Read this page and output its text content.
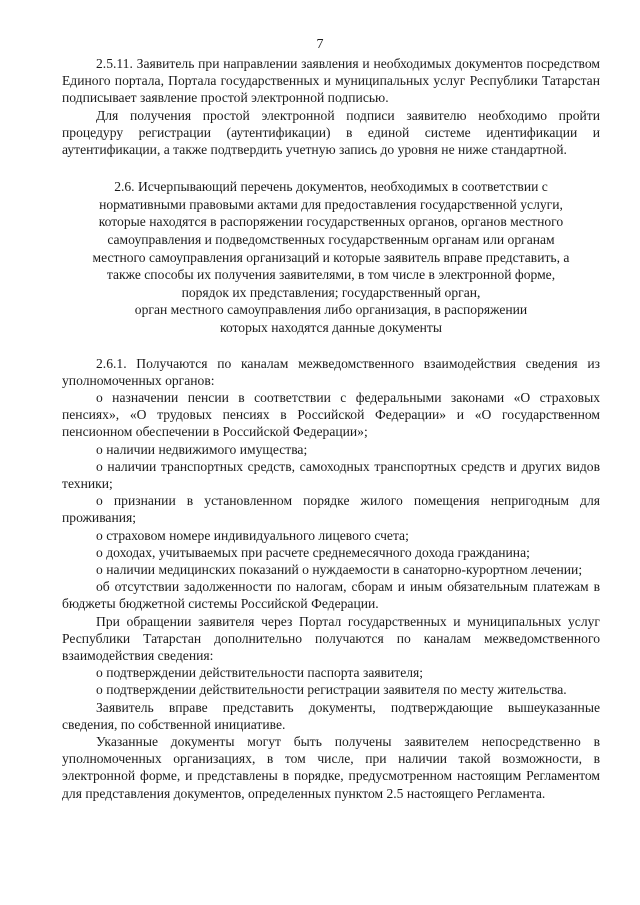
7

2.5.11. Заявитель при направлении заявления и необходимых документов посредством Единого портала, Портала государственных и муниципальных услуг Республики Татарстан подписывает заявление простой электронной подписью.

Для получения простой электронной подписи заявителю необходимо пройти процедуру регистрации (аутентификации) в единой системе идентификации и аутентификации, а также подтвердить учетную запись до уровня не ниже стандартной.

2.6. Исчерпывающий перечень документов, необходимых в соответствии с
нормативными правовыми актами для предоставления государственной услуги,
которые находятся в распоряжении государственных органов, органов местного
самоуправления и подведомственных государственным органам или органам
местного самоуправления организаций и которые заявитель вправе представить, а
также способы их получения заявителями, в том числе в электронной форме,
порядок их представления; государственный орган,
орган местного самоуправления либо организация, в распоряжении
которых находятся данные документы

2.6.1. Получаются по каналам межведомственного взаимодействия сведения из уполномоченных органов:

о назначении пенсии в соответствии с федеральными законами «О страховых пенсиях», «О трудовых пенсиях в Российской Федерации» и «О государственном пенсионном обеспечении в Российской Федерации»;

о наличии недвижимого имущества;

о наличии транспортных средств, самоходных транспортных средств и других видов техники;

о признании в установленном порядке жилого помещения непригодным для проживания;

о страховом номере индивидуального лицевого счета;

о доходах, учитываемых при расчете среднемесячного дохода гражданина;

о наличии медицинских показаний о нуждаемости в санаторно-курортном лечении;

об отсутствии задолженности по налогам, сборам и иным обязательным платежам в бюджеты бюджетной системы Российской Федерации.

При обращении заявителя через Портал государственных и муниципальных услуг Республики Татарстан дополнительно получаются по каналам межведомственного взаимодействия сведения:

о подтверждении действительности паспорта заявителя;

о подтверждении действительности регистрации заявителя по месту жительства.

Заявитель вправе представить документы, подтверждающие вышеуказанные сведения, по собственной инициативе.

Указанные документы могут быть получены заявителем непосредственно в уполномоченных организациях, в том числе, при наличии такой возможности, в электронной форме, и представлены в порядке, предусмотренном настоящим Регламентом для представления документов, определенных пунктом 2.5 настоящего Регламента.
